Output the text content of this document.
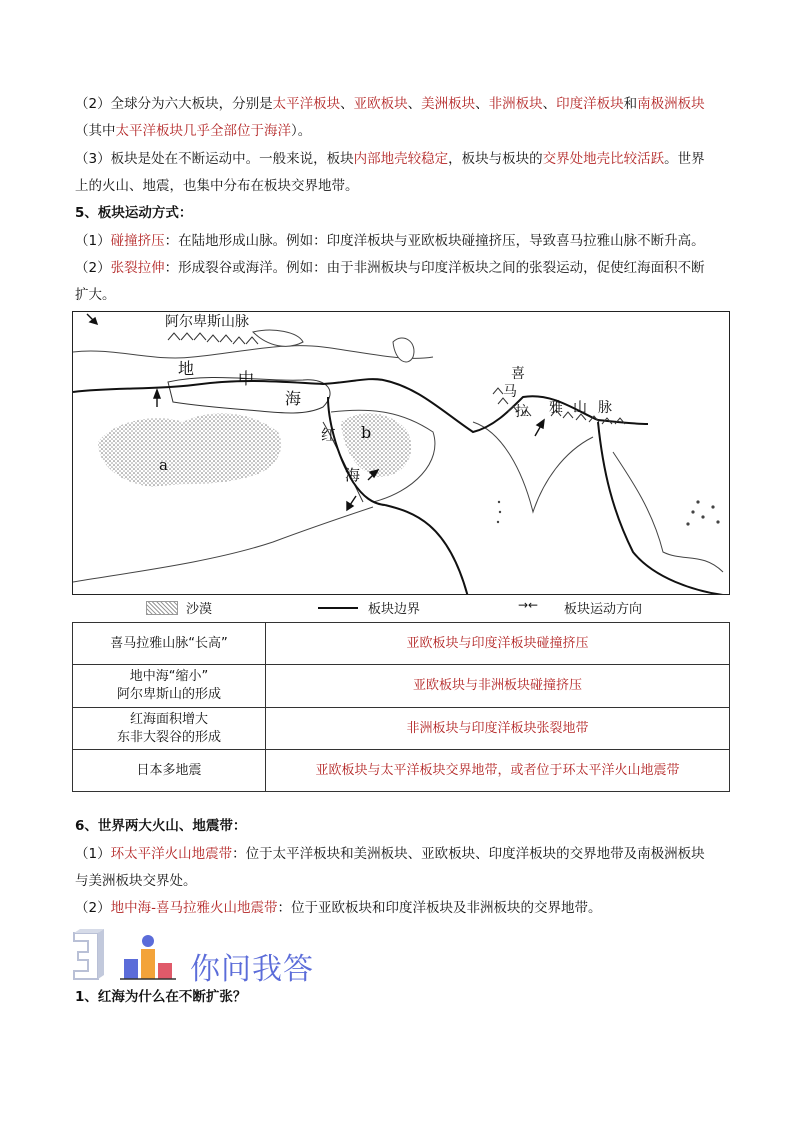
（2）全球分为六大板块，分别是太平洋板块、亚欧板块、美洲板块、非洲板块、印度洋板块和南极洲板块
（其中太平洋板块几乎全部位于海洋）。
（3）板块是处在不断运动中。一般来说，板块内部地壳较稳定，板块与板块的交界处地壳比较活跃。世界
上的火山、地震，也集中分布在板块交界地带。
5、板块运动方式：
（1）碰撞挤压：在陆地形成山脉。例如：印度洋板块与亚欧板块碰撞挤压，导致喜马拉雅山脉不断升高。
（2）张裂拉伸：形成裂谷或海洋。例如：由于非洲板块与印度洋板块之间的张裂运动，促使红海面积不断
扩大。
阿尔卑斯山脉
地
中
海
红
海
a
b
喜
马
拉 雅 山 脉
沙漠	板块边界	→← 板块运动方向
喜马拉雅山脉“长高”	亚欧板块与印度洋板块碰撞挤压

地中海“缩小”
阿尔卑斯山的形成	亚欧板块与非洲板块碰撞挤压

红海面积增大
东非大裂谷的形成	非洲板块与印度洋板块张裂地带

日本多地震	亚欧板块与太平洋板块交界地带，或者位于环太平洋火山地震带
6、世界两大火山、地震带：
（1）环太平洋火山地震带：位于太平洋板块和美洲板块、亚欧板块、印度洋板块的交界地带及南极洲板块
与美洲板块交界处。
（2）地中海-喜马拉雅火山地震带：位于亚欧板块和印度洋板块及非洲板块的交界地带。
你问我答
1、红海为什么在不断扩张？
